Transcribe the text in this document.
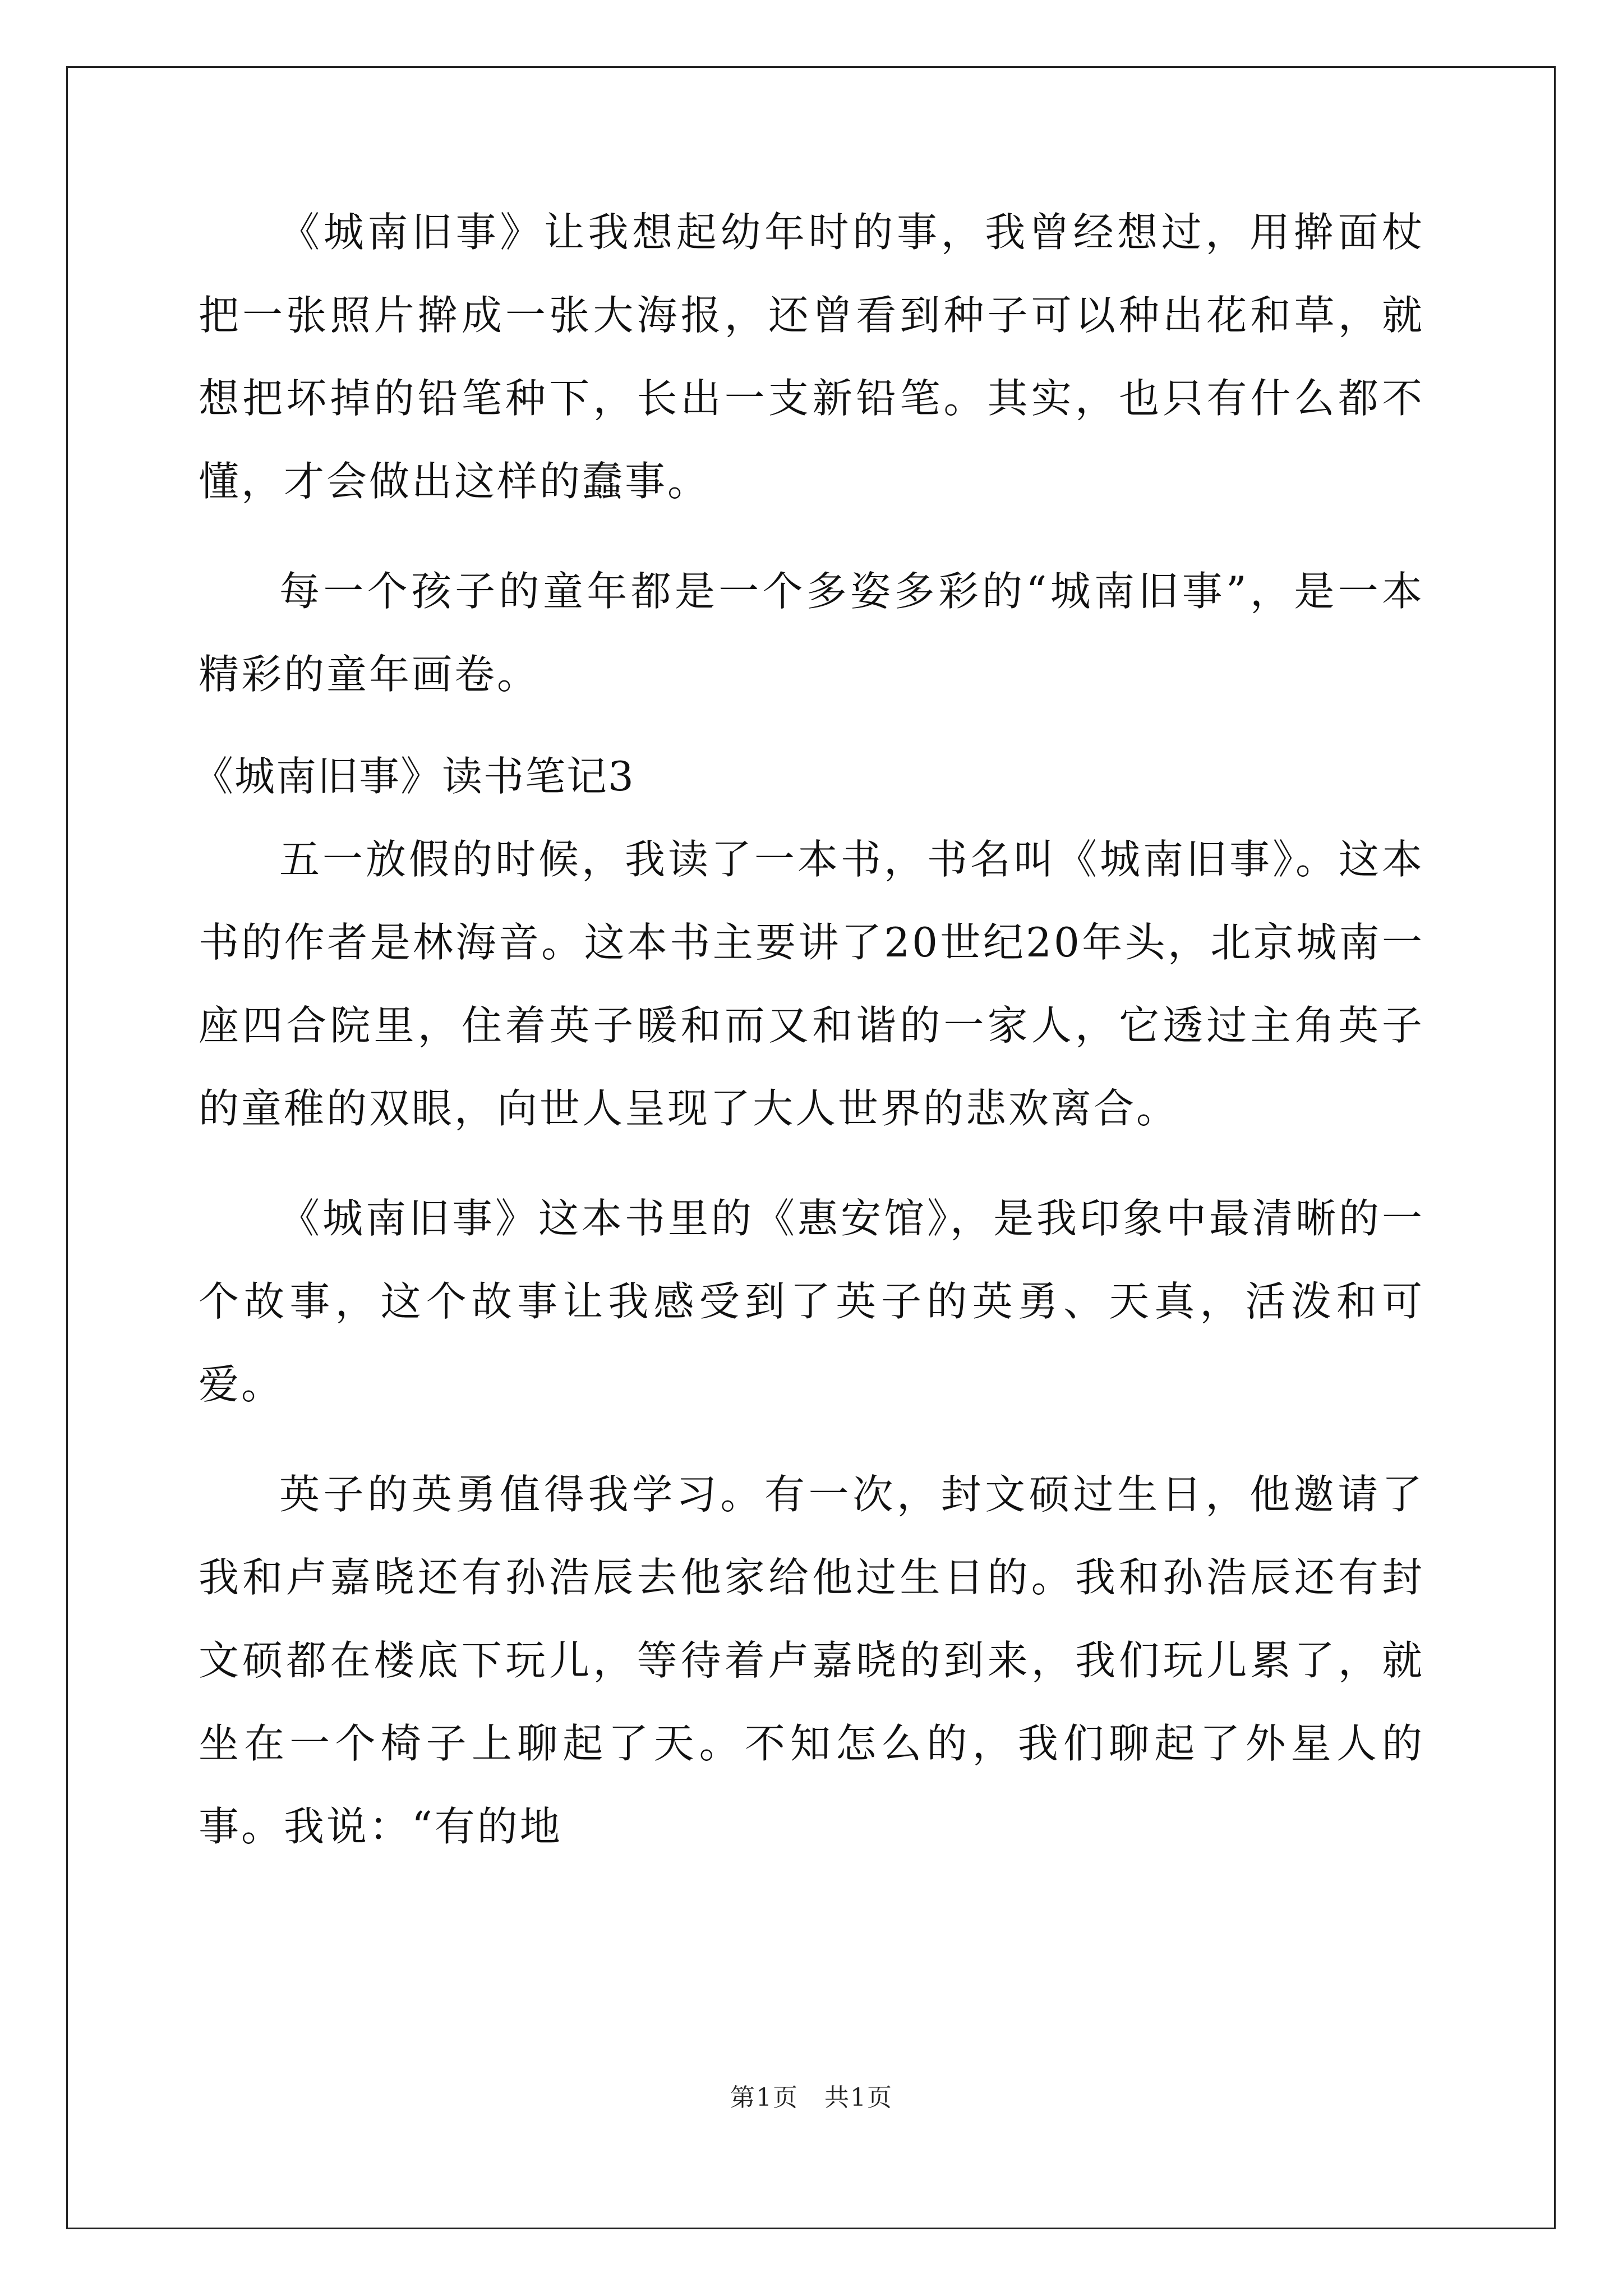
《城南旧事》让我想起幼年时的事，我曾经想过，用擀面杖把一张照片擀成一张大海报，还曾看到种子可以种出花和草，就想把坏掉的铅笔种下，长出一支新铅笔。其实，也只有什么都不懂，才会做出这样的蠢事。

每一个孩子的童年都是一个多姿多彩的“城南旧事”，是一本精彩的童年画卷。

《城南旧事》读书笔记3

五一放假的时候，我读了一本书，书名叫《城南旧事》。这本书的作者是林海音。这本书主要讲了20世纪20年头，北京城南一座四合院里，住着英子暖和而又和谐的一家人，它透过主角英子的童稚的双眼，向世人呈现了大人世界的悲欢离合。

《城南旧事》这本书里的《惠安馆》，是我印象中最清晰的一个故事，这个故事让我感受到了英子的英勇、天真，活泼和可爱。

英子的英勇值得我学习。有一次，封文硕过生日，他邀请了我和卢嘉晓还有孙浩辰去他家给他过生日的。我和孙浩辰还有封文硕都在楼底下玩儿，等待着卢嘉晓的到来，我们玩儿累了，就坐在一个椅子上聊起了天。不知怎么的，我们聊起了外星人的事。我说：“有的地

第1页　共1页
